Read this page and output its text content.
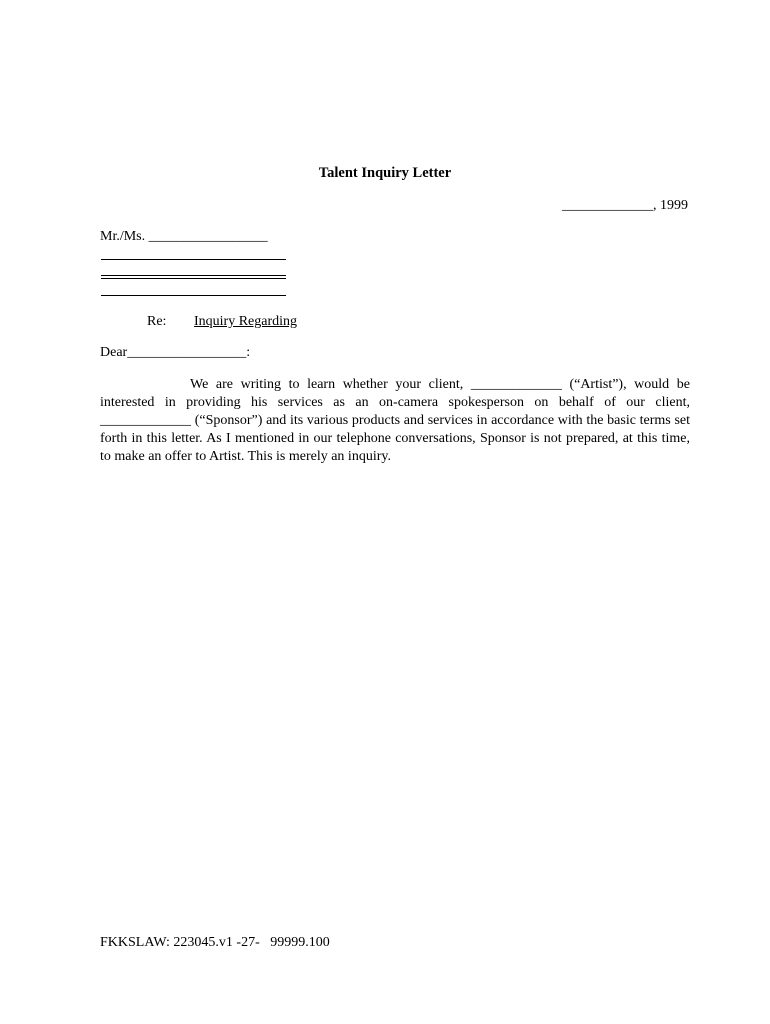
Talent Inquiry Letter
_____________, 1999
Mr./Ms. _________________
Re: Inquiry Regarding
Dear_________________:
We are writing to learn whether your client, _____________ (“Artist”), would be interested in providing his services as an on-camera spokesperson on behalf of our client, _____________ (“Sponsor”) and its various products and services in accordance with the basic terms set forth in this letter. As I mentioned in our telephone conversations, Sponsor is not prepared, at this time, to make an offer to Artist. This is merely an inquiry.
FKKSLAW: 223045.v1 -27-   99999.100
